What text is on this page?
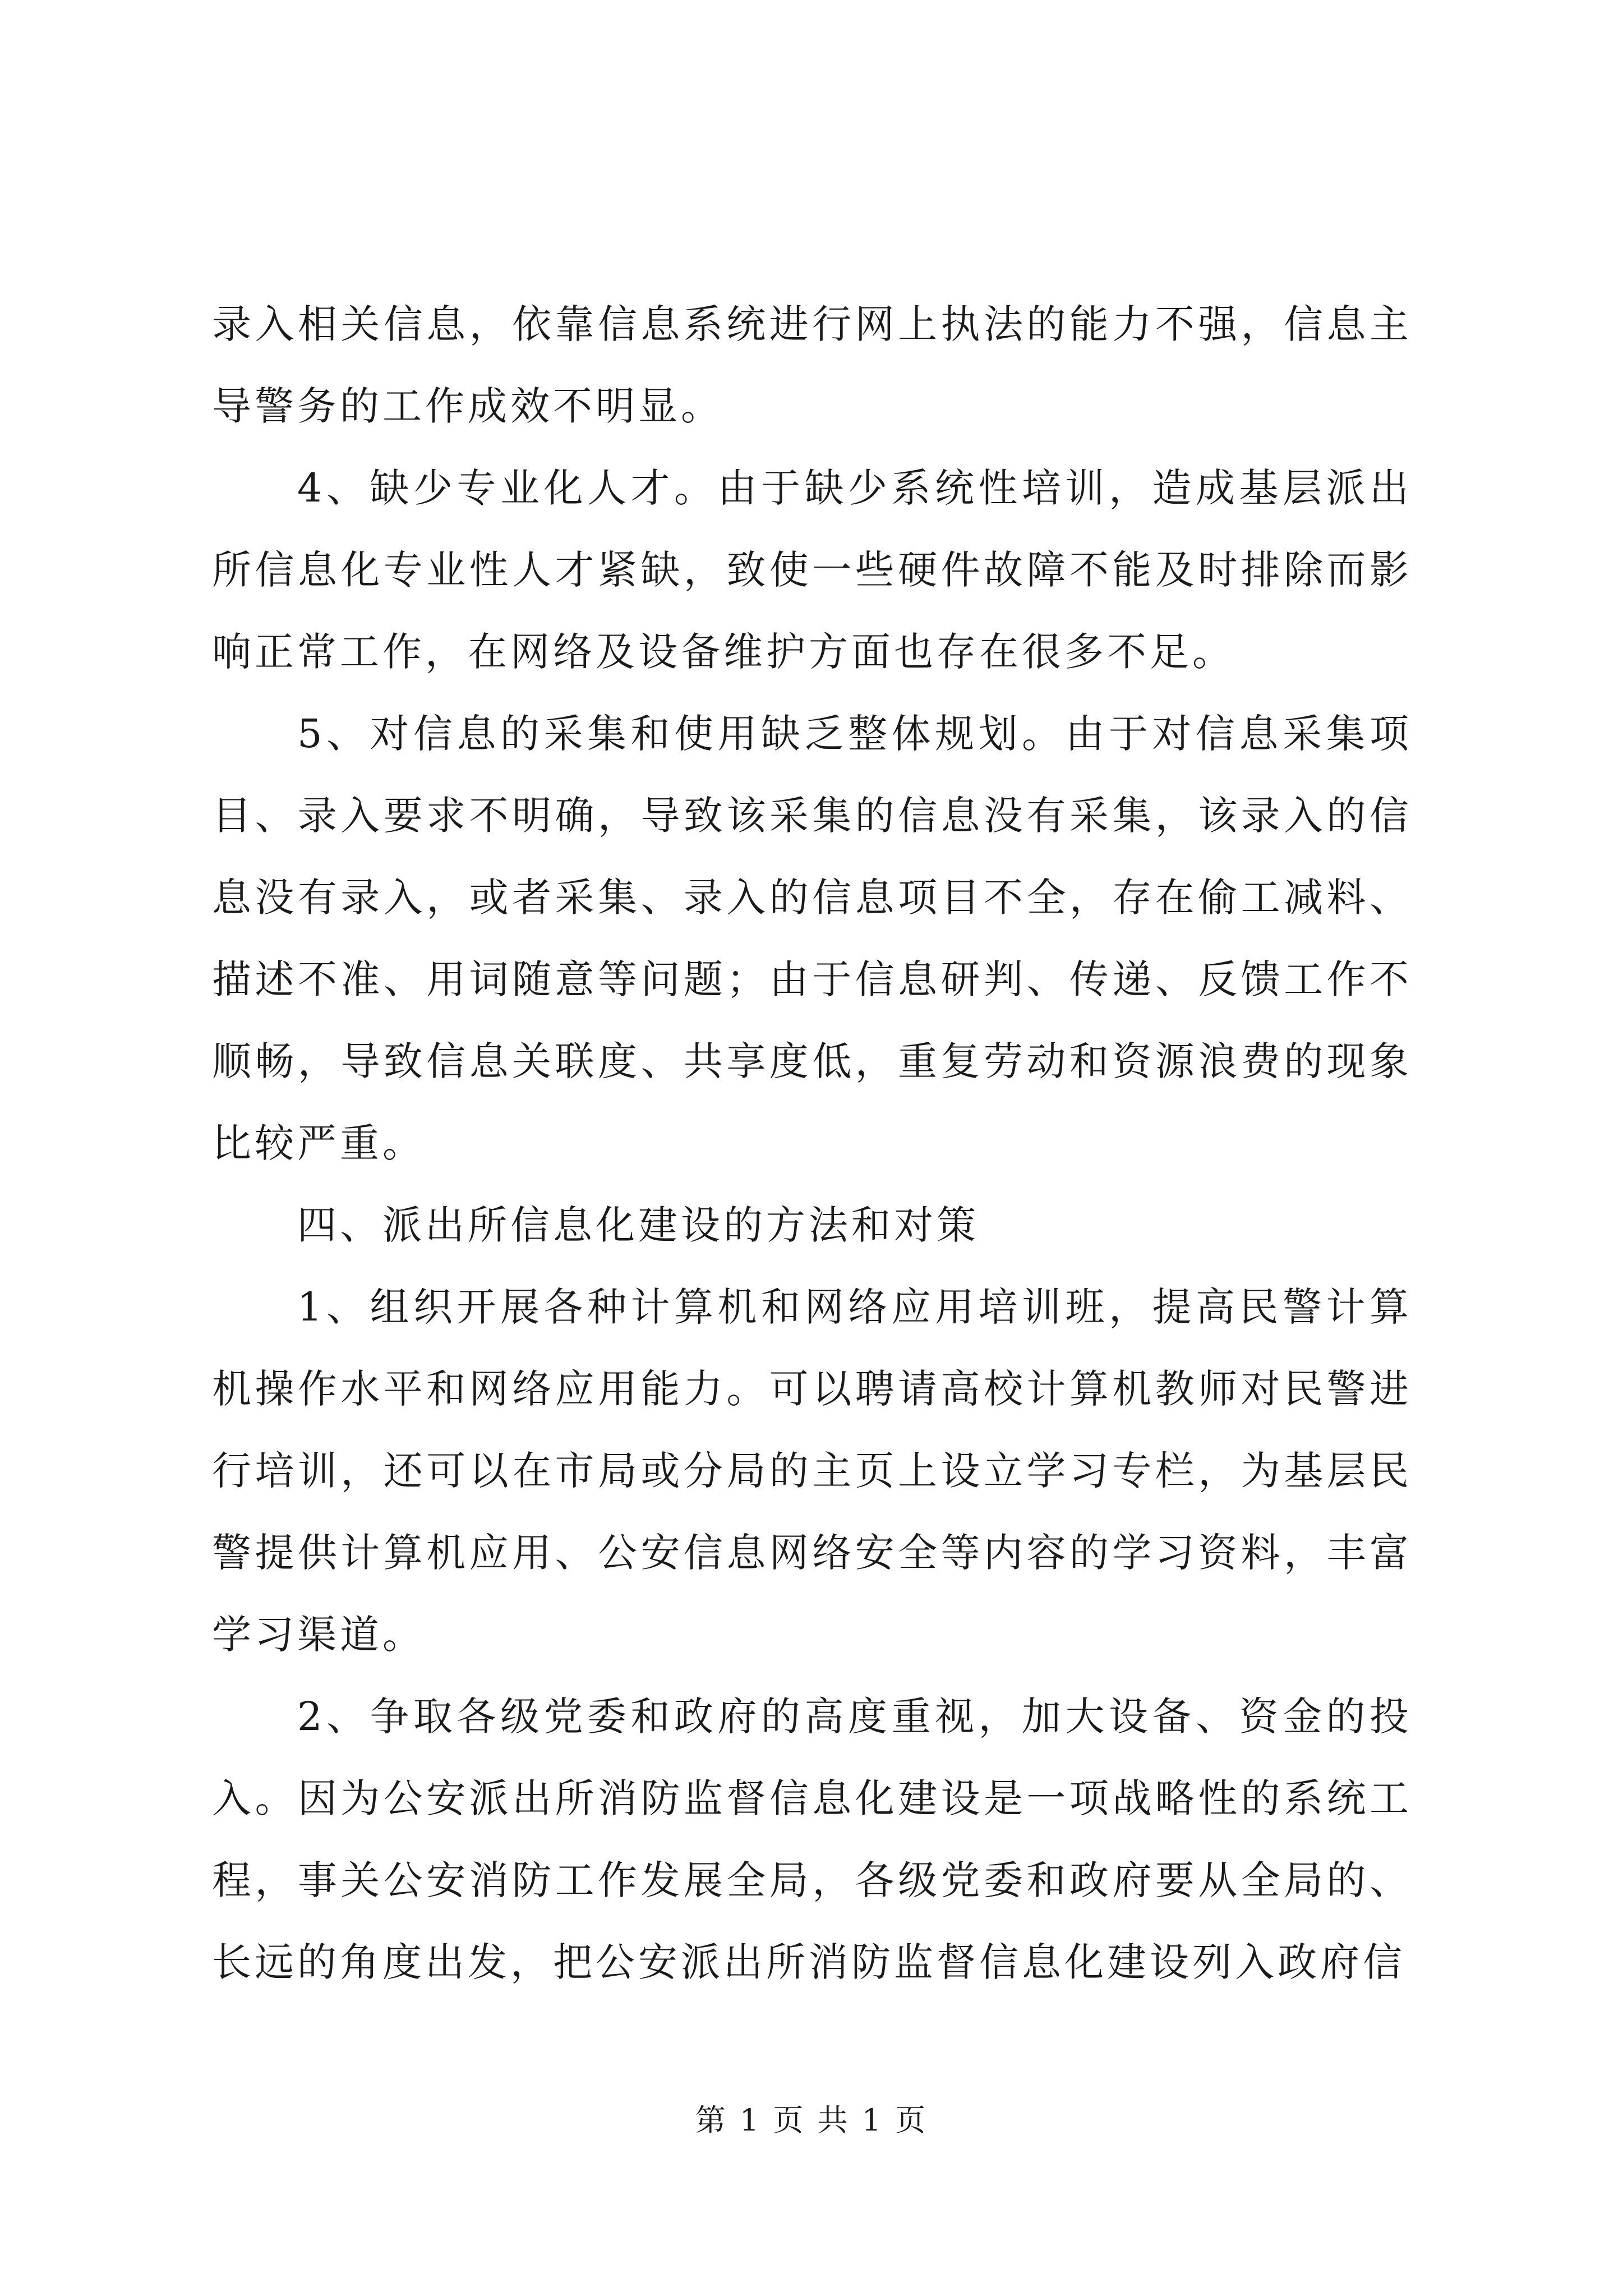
录入相关信息，依靠信息系统进行网上执法的能力不强，信息主导警务的工作成效不明显。

4、缺少专业化人才。由于缺少系统性培训，造成基层派出所信息化专业性人才紧缺，致使一些硬件故障不能及时排除而影响正常工作，在网络及设备维护方面也存在很多不足。

5、对信息的采集和使用缺乏整体规划。由于对信息采集项目、录入要求不明确，导致该采集的信息没有采集，该录入的信息没有录入，或者采集、录入的信息项目不全，存在偷工减料、描述不准、用词随意等问题；由于信息研判、传递、反馈工作不顺畅，导致信息关联度、共享度低，重复劳动和资源浪费的现象比较严重。

四、派出所信息化建设的方法和对策

1、组织开展各种计算机和网络应用培训班，提高民警计算机操作水平和网络应用能力。可以聘请高校计算机教师对民警进行培训，还可以在市局或分局的主页上设立学习专栏，为基层民警提供计算机应用、公安信息网络安全等内容的学习资料，丰富学习渠道。

2、争取各级党委和政府的高度重视，加大设备、资金的投入。因为公安派出所消防监督信息化建设是一项战略性的系统工程，事关公安消防工作发展全局，各级党委和政府要从全局的、长远的角度出发，把公安派出所消防监督信息化建设列入政府信

第 1 页 共 1 页
